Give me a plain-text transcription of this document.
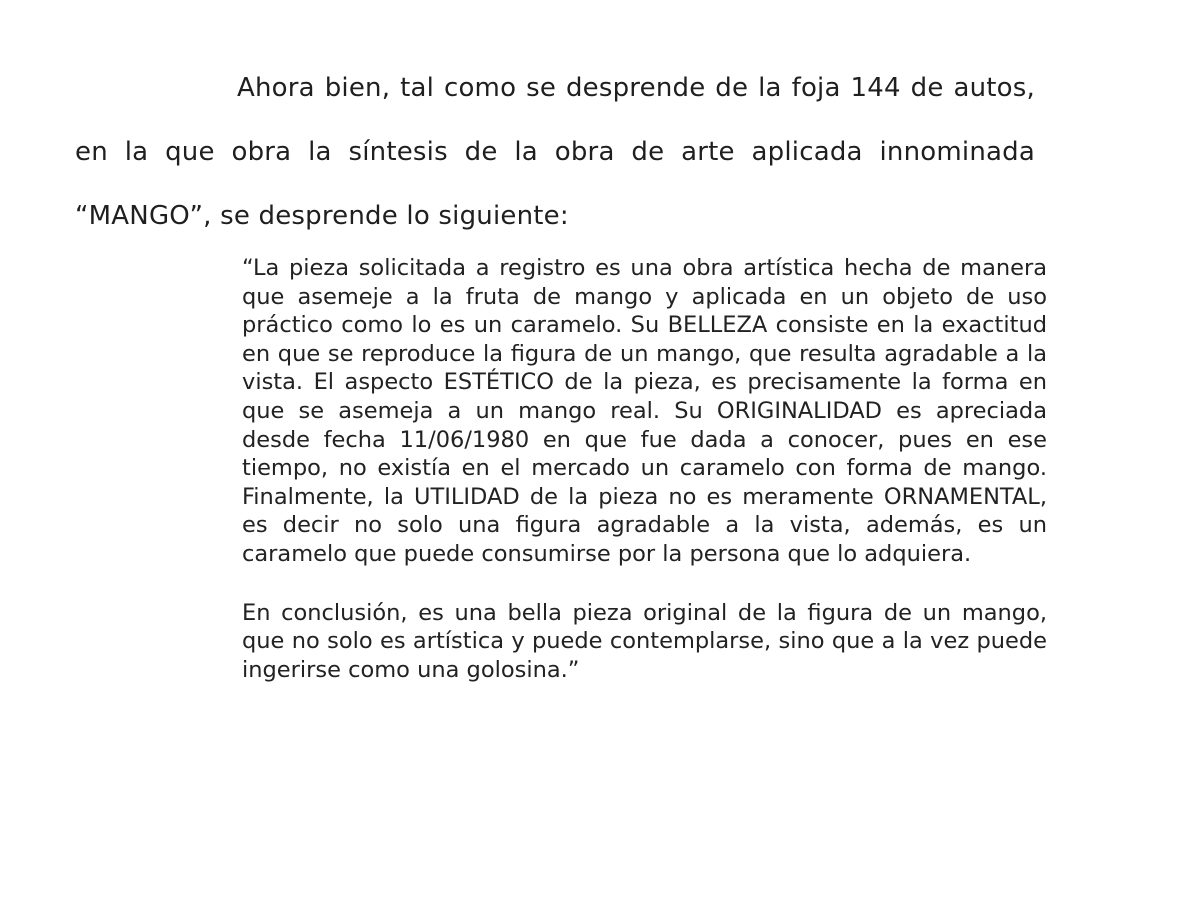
Ahora bien, tal como se desprende de la foja 144 de autos, en la que obra la síntesis de la obra de arte aplicada innominada “MANGO”, se desprende lo siguiente:

“La pieza solicitada a registro es una obra artística hecha de manera que asemeje a la fruta de mango y aplicada en un objeto de uso práctico como lo es un caramelo. Su BELLEZA consiste en la exactitud en que se reproduce la figura de un mango, que resulta agradable a la vista. El aspecto ESTÉTICO de la pieza, es precisamente la forma en que se asemeja a un mango real. Su ORIGINALIDAD es apreciada desde fecha 11/06/1980 en que fue dada a conocer, pues en ese tiempo, no existía en el mercado un caramelo con forma de mango. Finalmente, la UTILIDAD de la pieza no es meramente ORNAMENTAL, es decir no solo una figura agradable a la vista, además, es un caramelo que puede consumirse por la persona que lo adquiera.

En conclusión, es una bella pieza original de la figura de un mango, que no solo es artística y puede contemplarse, sino que a la vez puede ingerirse como una golosina.”
